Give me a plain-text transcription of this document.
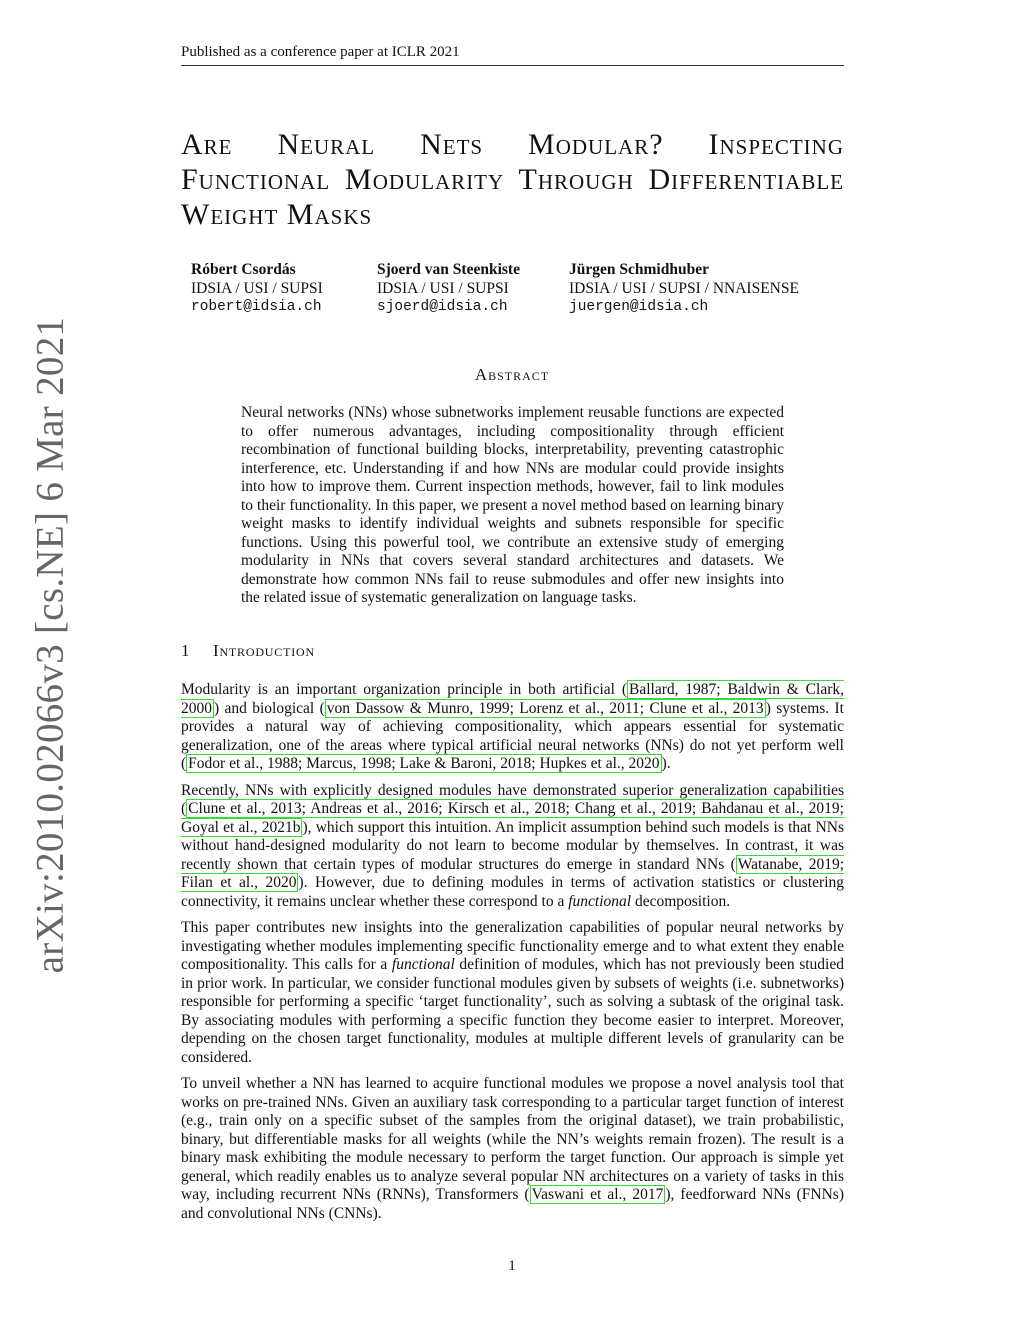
Published as a conference paper at ICLR 2021
arXiv:2010.02066v3 [cs.NE] 6 Mar 2021
Are Neural Nets Modular? Inspecting Functional Modularity Through Differentiable Weight Masks
Róbert Csordás
IDSIA / USI / SUPSI
robert@idsia.ch
Sjoerd van Steenkiste
IDSIA / USI / SUPSI
sjoerd@idsia.ch
Jürgen Schmidhuber
IDSIA / USI / SUPSI / NNAISENSE
juergen@idsia.ch
Abstract
Neural networks (NNs) whose subnetworks implement reusable functions are expected to offer numerous advantages, including compositionality through efficient recombination of functional building blocks, interpretability, preventing catastrophic interference, etc. Understanding if and how NNs are modular could provide insights into how to improve them. Current inspection methods, however, fail to link modules to their functionality. In this paper, we present a novel method based on learning binary weight masks to identify individual weights and subnets responsible for specific functions. Using this powerful tool, we contribute an extensive study of emerging modularity in NNs that covers several standard architectures and datasets. We demonstrate how common NNs fail to reuse submodules and offer new insights into the related issue of systematic generalization on language tasks.
1 Introduction

Modularity is an important organization principle in both artificial ( Ballard, 1987; Baldwin & Clark, 2000 ) and biological ( von Dassow & Munro, 1999; Lorenz et al., 2011; Clune et al., 2013 ) systems. It provides a natural way of achieving compositionality, which appears essential for systematic generalization, one of the areas where typical artificial neural networks (NNs) do not yet perform well ( Fodor et al., 1988; Marcus, 1998; Lake & Baroni, 2018; Hupkes et al., 2020 ).

Recently, NNs with explicitly designed modules have demonstrated superior generalization capabilities ( Clune et al., 2013; Andreas et al., 2016; Kirsch et al., 2018; Chang et al., 2019; Bahdanau et al., 2019; Goyal et al., 2021b ), which support this intuition. An implicit assumption behind such models is that NNs without hand-designed modularity do not learn to become modular by themselves. In contrast, it was recently shown that certain types of modular structures do emerge in standard NNs ( Watanabe, 2019; Filan et al., 2020 ). However, due to defining modules in terms of activation statistics or clustering connectivity, it remains unclear whether these correspond to a functional decomposition.

This paper contributes new insights into the generalization capabilities of popular neural networks by investigating whether modules implementing specific functionality emerge and to what extent they enable compositionality. This calls for a functional definition of modules, which has not previously been studied in prior work. In particular, we consider functional modules given by subsets of weights (i.e. subnetworks) responsible for performing a specific ‘target functionality’, such as solving a subtask of the original task. By associating modules with performing a specific function they become easier to interpret. Moreover, depending on the chosen target functionality, modules at multiple different levels of granularity can be considered.

To unveil whether a NN has learned to acquire functional modules we propose a novel analysis tool that works on pre-trained NNs. Given an auxiliary task corresponding to a particular target function of interest (e.g., train only on a specific subset of the samples from the original dataset), we train probabilistic, binary, but differentiable masks for all weights (while the NN’s weights remain frozen). The result is a binary mask exhibiting the module necessary to perform the target function. Our approach is simple yet general, which readily enables us to analyze several popular NN architectures on a variety of tasks in this way, including recurrent NNs (RNNs), Transformers ( Vaswani et al., 2017 ), feedforward NNs (FNNs) and convolutional NNs (CNNs).

1
